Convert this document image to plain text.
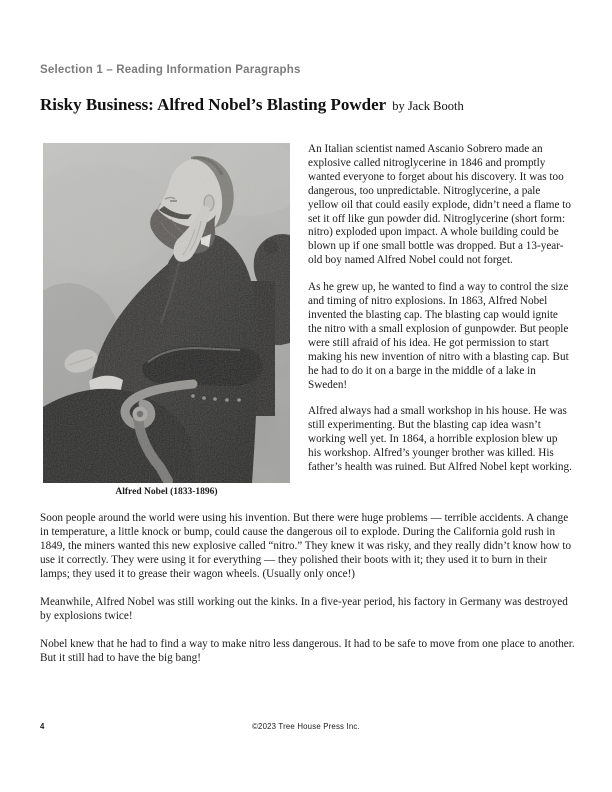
Selection 1 – Reading Information Paragraphs
Risky Business: Alfred Nobel’s Blasting Powder by Jack Booth
Alfred Nobel (1833-1896)

An Italian scientist named Ascanio Sobrero made an explosive called nitroglycerine in 1846 and promptly wanted everyone to forget about his discovery. It was too dangerous, too unpredictable. Nitroglycerine, a pale yellow oil that could easily explode, didn’t need a flame to set it off like gun powder did. Nitroglycerine (short form: nitro) exploded upon impact. A whole building could be blown up if one small bottle was dropped. But a 13-year-old boy named Alfred Nobel could not forget.

As he grew up, he wanted to find a way to control the size and timing of nitro explosions. In 1863, Alfred Nobel invented the blasting cap. The blasting cap would ignite the nitro with a small explosion of gunpowder. But people were still afraid of his idea. He got permission to start making his new invention of nitro with a blasting cap. But he had to do it on a barge in the middle of a lake in Sweden!

Alfred always had a small workshop in his house. He was still experimenting. But the blasting cap idea wasn’t working well yet. In 1864, a horrible explosion blew up his workshop. Alfred’s younger brother was killed. His father’s health was ruined. But Alfred Nobel kept working.

Soon people around the world were using his invention. But there were huge problems — terrible accidents. A change in temperature, a little knock or bump, could cause the dangerous oil to explode. During the California gold rush in 1849, the miners wanted this new explosive called “nitro.” They knew it was risky, and they really didn’t know how to use it correctly. They were using it for everything — they polished their boots with it; they used it to burn in their lamps; they used it to grease their wagon wheels. (Usually only once!)

Meanwhile, Alfred Nobel was still working out the kinks. In a five-year period, his factory in Germany was destroyed by explosions twice!

Nobel knew that he had to find a way to make nitro less dangerous. It had to be safe to move from one place to another. But it still had to have the big bang!

4	©2023 Tree House Press Inc.
